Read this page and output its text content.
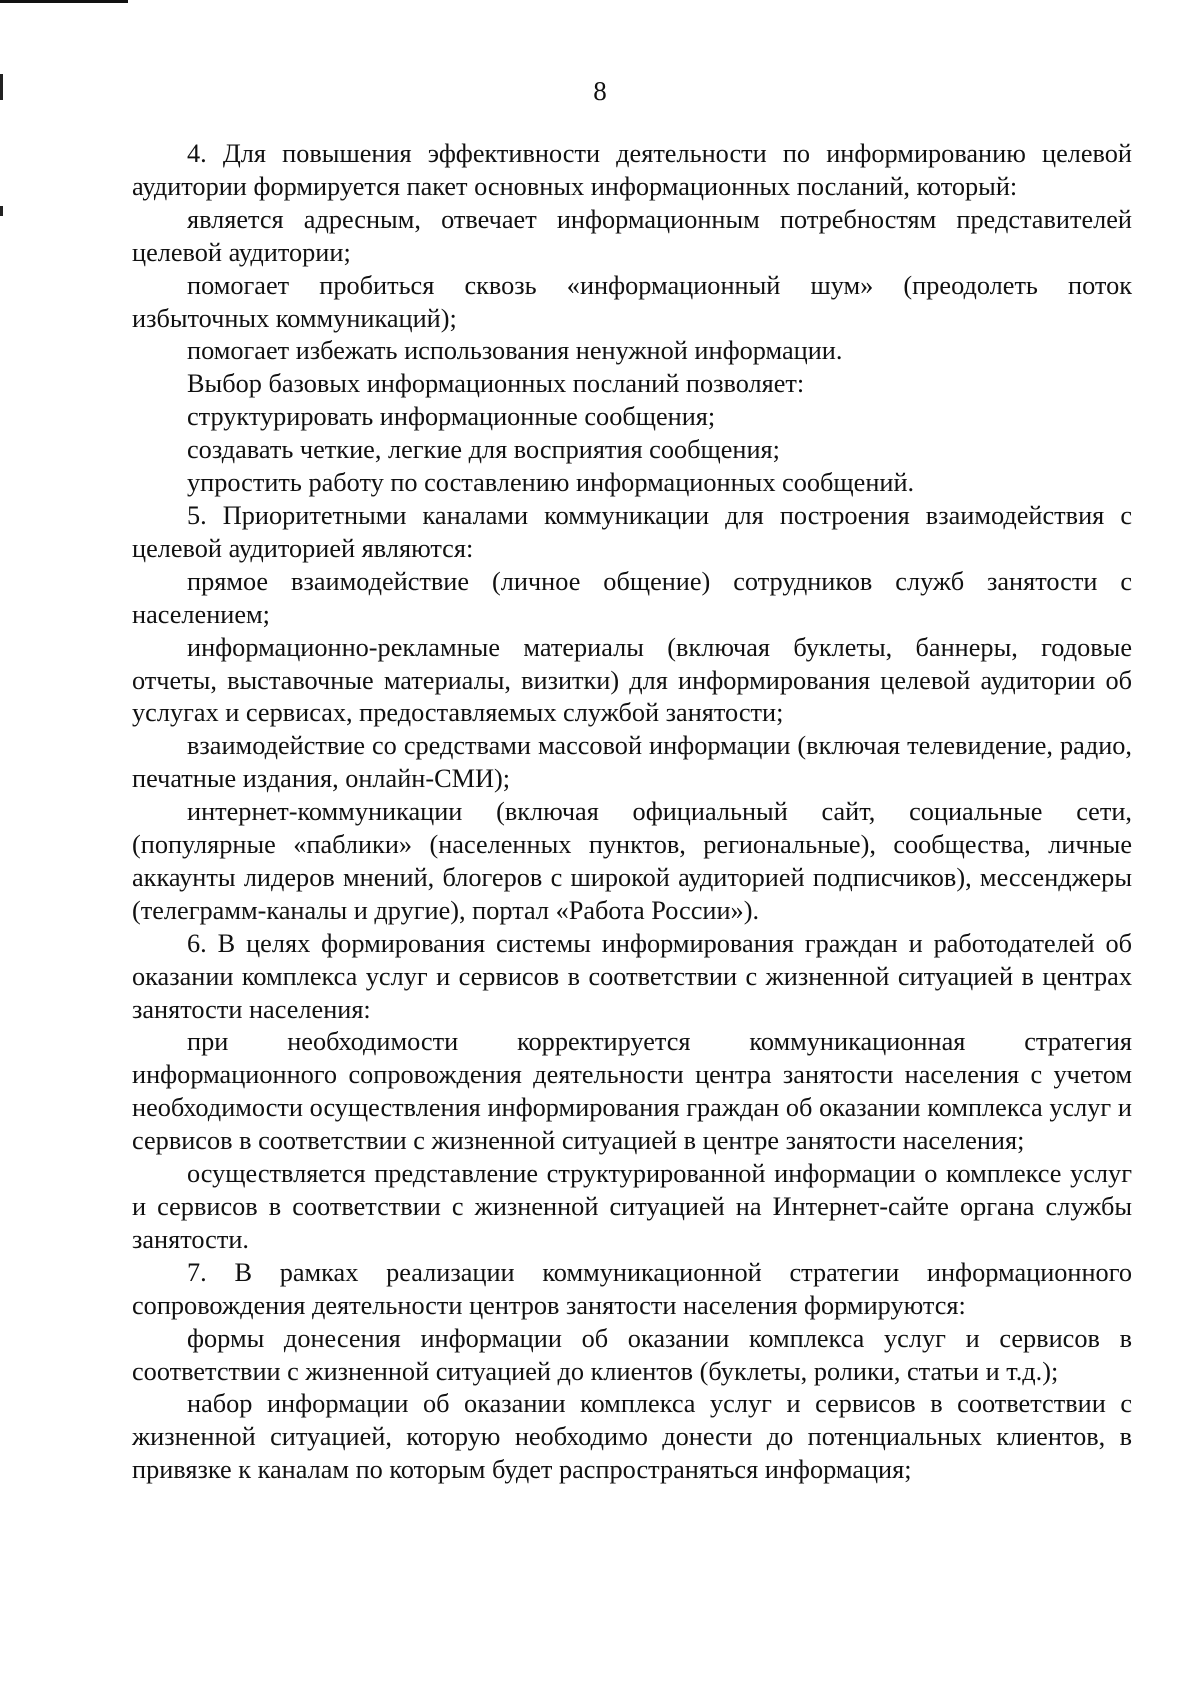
8

4. Для повышения эффективности деятельности по информированию целевой аудитории формируется пакет основных информационных посланий, который:

является адресным, отвечает информационным потребностям представителей целевой аудитории;

помогает пробиться сквозь «информационный шум» (преодолеть поток избыточных коммуникаций);

помогает избежать использования ненужной информации.

Выбор базовых информационных посланий позволяет:

структурировать информационные сообщения;

создавать четкие, легкие для восприятия сообщения;

упростить работу по составлению информационных сообщений.

5. Приоритетными каналами коммуникации для построения взаимодействия с целевой аудиторией являются:

прямое взаимодействие (личное общение) сотрудников служб занятости с населением;

информационно-рекламные материалы (включая буклеты, баннеры, годовые отчеты, выставочные материалы, визитки) для информирования целевой аудитории об услугах и сервисах, предоставляемых службой занятости;

взаимодействие со средствами массовой информации (включая телевидение, радио, печатные издания, онлайн-СМИ);

интернет-коммуникации (включая официальный сайт, социальные сети, (популярные «паблики» (населенных пунктов, региональные), сообщества, личные аккаунты лидеров мнений, блогеров с широкой аудиторией подписчиков), мессенджеры (телеграмм-каналы и другие), портал «Работа России»).

6. В целях формирования системы информирования граждан и работодателей об оказании комплекса услуг и сервисов в соответствии с жизненной ситуацией в центрах занятости населения:

при необходимости корректируется коммуникационная стратегия информационного сопровождения деятельности центра занятости населения с учетом необходимости осуществления информирования граждан об оказании комплекса услуг и сервисов в соответствии с жизненной ситуацией в центре занятости населения;

осуществляется представление структурированной информации о комплексе услуг и сервисов в соответствии с жизненной ситуацией на Интернет-сайте органа службы занятости.

7. В рамках реализации коммуникационной стратегии информационного сопровождения деятельности центров занятости населения формируются:

формы донесения информации об оказании комплекса услуг и сервисов в соответствии с жизненной ситуацией до клиентов (буклеты, ролики, статьи и т.д.);

набор информации об оказании комплекса услуг и сервисов в соответствии с жизненной ситуацией, которую необходимо донести до потенциальных клиентов, в привязке к каналам по которым будет распространяться информация;
